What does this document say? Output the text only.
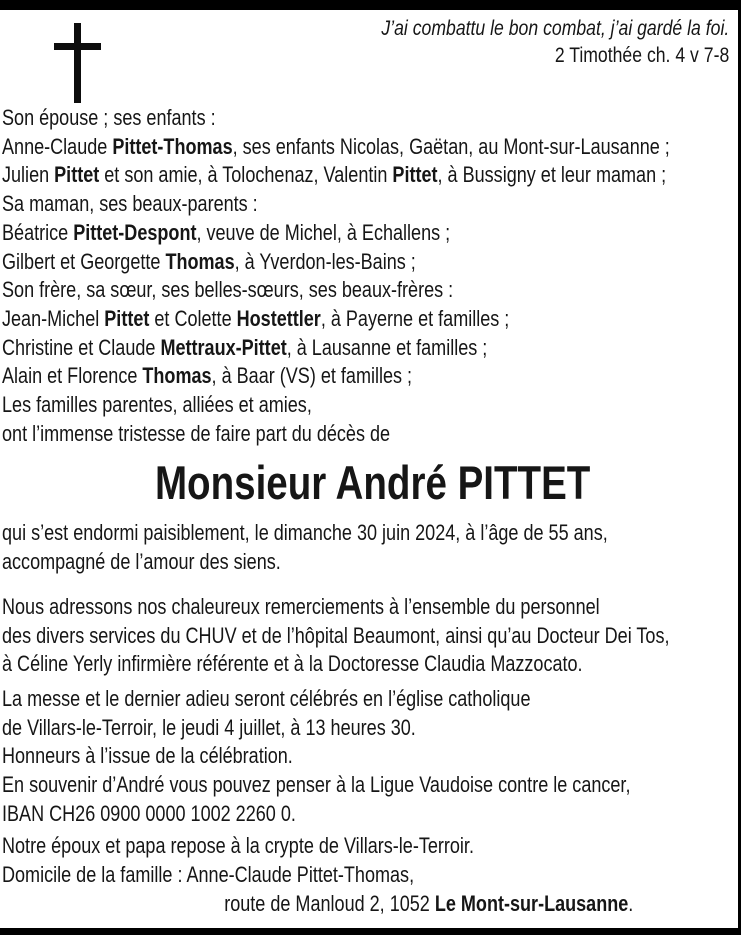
J’ai combattu le bon combat, j’ai gardé la foi.
2 Timothée ch. 4 v 7-8
Son épouse ; ses enfants :
Anne-Claude Pittet-Thomas, ses enfants Nicolas, Gaëtan, au Mont-sur-Lausanne ;
Julien Pittet et son amie, à Tolochenaz, Valentin Pittet, à Bussigny et leur maman ;
Sa maman, ses beaux-parents :
Béatrice Pittet-Despont, veuve de Michel, à Echallens ;
Gilbert et Georgette Thomas, à Yverdon-les-Bains ;
Son frère, sa sœur, ses belles-sœurs, ses beaux-frères :
Jean-Michel Pittet et Colette Hostettler, à Payerne et familles ;
Christine et Claude Mettraux-Pittet, à Lausanne et familles ;
Alain et Florence Thomas, à Baar (VS) et familles ;
Les familles parentes, alliées et amies,
ont l’immense tristesse de faire part du décès de
Monsieur André PITTET
qui s’est endormi paisiblement, le dimanche 30 juin 2024, à l’âge de 55 ans,
accompagné de l’amour des siens.
Nous adressons nos chaleureux remerciements à l’ensemble du personnel
des divers services du CHUV et de l’hôpital Beaumont, ainsi qu’au Docteur Dei Tos,
à Céline Yerly infirmière référente et à la Doctoresse Claudia Mazzocato.
La messe et le dernier adieu seront célébrés en l’église catholique
de Villars-le-Terroir, le jeudi 4 juillet, à 13 heures 30.
Honneurs à l’issue de la célébration.
En souvenir d’André vous pouvez penser à la Ligue Vaudoise contre le cancer,
IBAN CH26 0900 0000 1002 2260 0.
Notre époux et papa repose à la crypte de Villars-le-Terroir.
Domicile de la famille : Anne-Claude Pittet-Thomas,
route de Manloud 2, 1052 Le Mont-sur-Lausanne.
